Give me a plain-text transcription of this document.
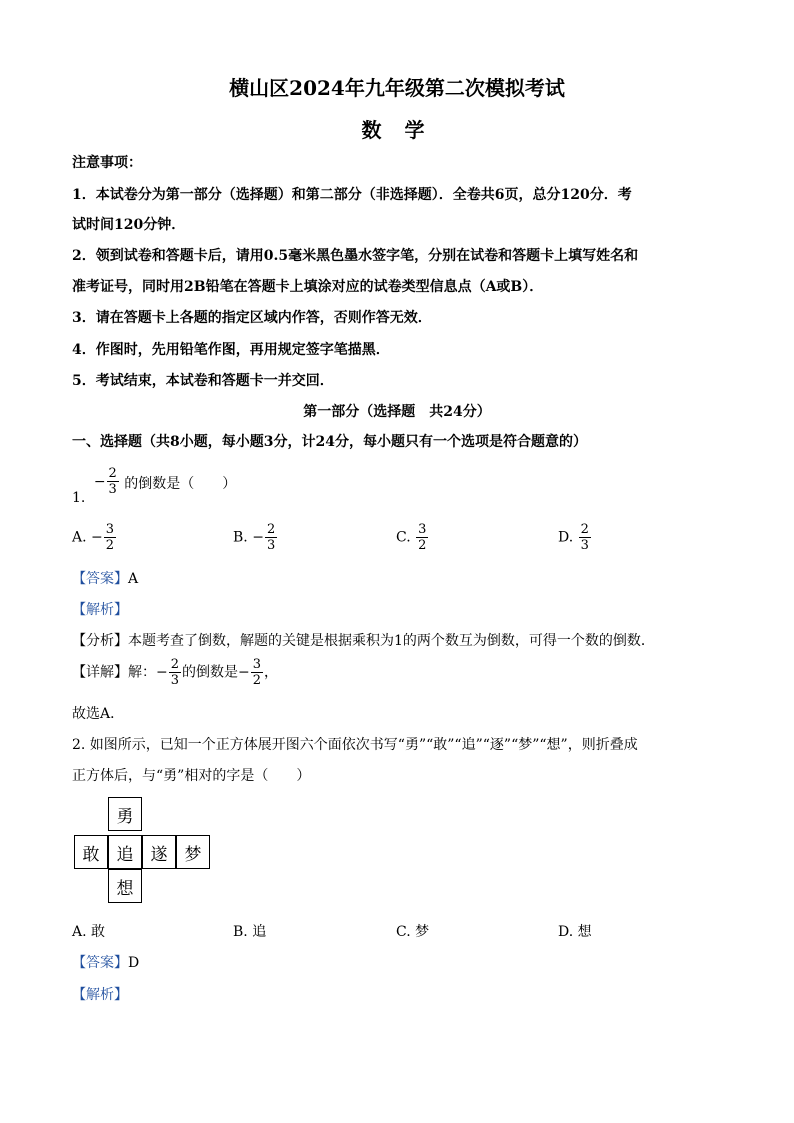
横山区2024年九年级第二次模拟考试
数 学
注意事项：
1．本试卷分为第一部分（选择题）和第二部分（非选择题）．全卷共6页，总分120分．考
试时间120分钟．
2．领到试卷和答题卡后，请用0.5毫米黑色墨水签字笔，分别在试卷和答题卡上填写姓名和
准考证号，同时用2B铅笔在答题卡上填涂对应的试卷类型信息点（A或B）．
3．请在答题卡上各题的指定区域内作答，否则作答无效．
4．作图时，先用铅笔作图，再用规定签字笔描黑．
5．考试结束，本试卷和答题卡一并交回．
第一部分（选择题　共24分）
一、选择题（共8小题，每小题3分，计24分，每小题只有一个选项是符合题意的）
1.
− $\frac{2}{3}$ 的倒数是（　　）
A. − $\frac{3}{2}$	B. − $\frac{2}{3}$	C. $\frac{3}{2}$	D. $\frac{2}{3}$
【答案】A
【解析】
【分析】本题考查了倒数，解题的关键是根据乘积为1的两个数互为倒数，可得一个数的倒数．
【详解】解：− $\frac{2}{3}$ 的倒数是− $\frac{3}{2}$ ，
故选A．
2. 如图所示，已知一个正方体展开图六个面依次书写“勇”“敢”“追”“逐”“梦”“想”，则折叠成
正方体后，与“勇”相对的字是（　　）
勇
敢	追	遂	梦
想
A. 敢	B. 追	C. 梦	D. 想
【答案】D
【解析】
